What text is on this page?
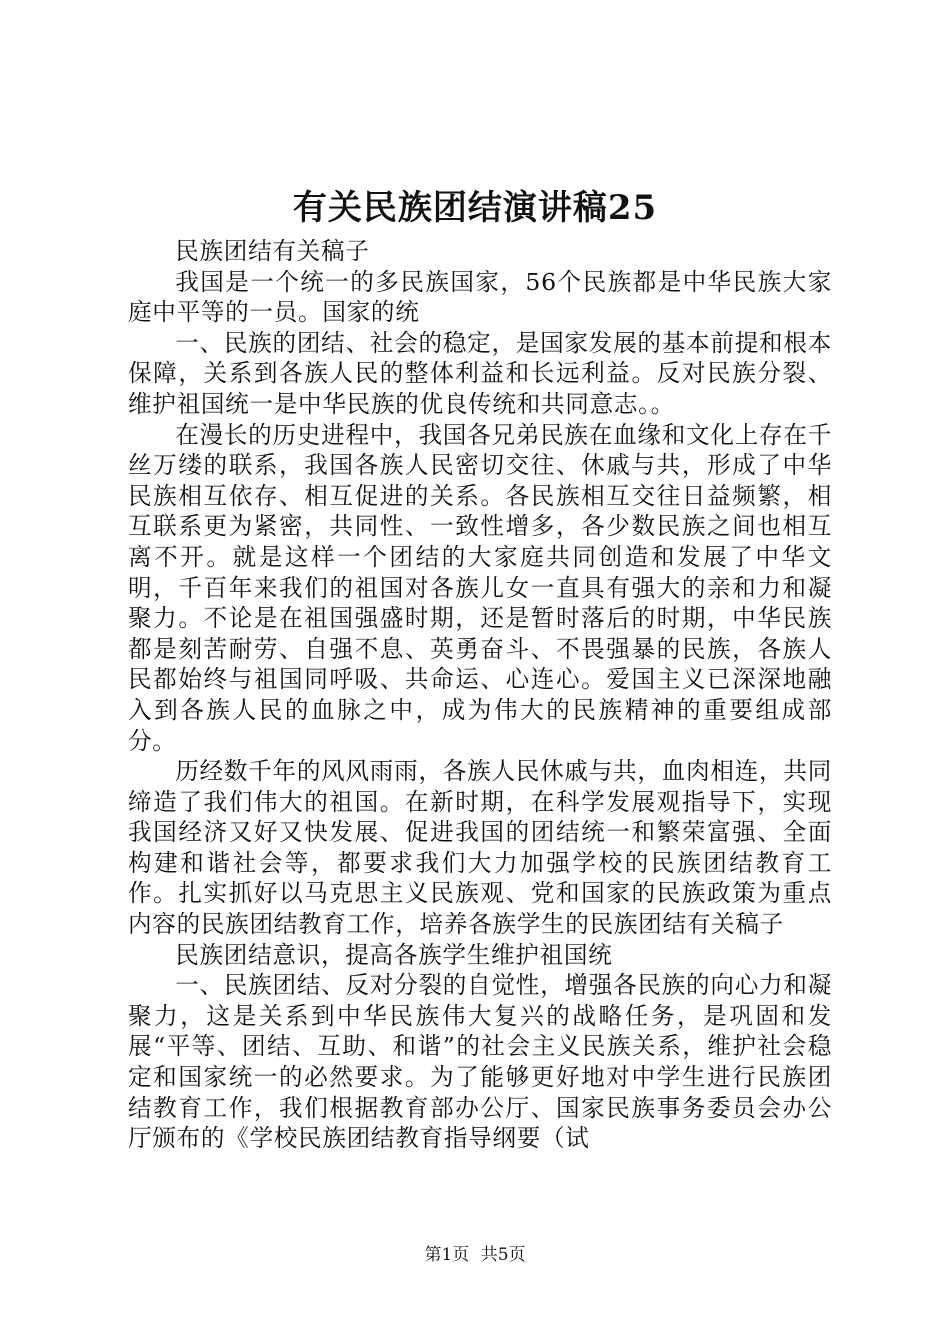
有关民族团结演讲稿25

民族团结有关稿子

我国是一个统一的多民族国家，56个民族都是中华民族大家庭中平等的一员。国家的统

一、民族的团结、社会的稳定，是国家发展的基本前提和根本保障，关系到各族人民的整体利益和长远利益。反对民族分裂、维护祖国统一是中华民族的优良传统和共同意志。。

在漫长的历史进程中，我国各兄弟民族在血缘和文化上存在千丝万缕的联系，我国各族人民密切交往、休戚与共，形成了中华民族相互依存、相互促进的关系。各民族相互交往日益频繁，相互联系更为紧密，共同性、一致性增多，各少数民族之间也相互离不开。就是这样一个团结的大家庭共同创造和发展了中华文明，千百年来我们的祖国对各族儿女一直具有强大的亲和力和凝聚力。不论是在祖国强盛时期，还是暂时落后的时期，中华民族都是刻苦耐劳、自强不息、英勇奋斗、不畏强暴的民族，各族人民都始终与祖国同呼吸、共命运、心连心。爱国主义已深深地融入到各族人民的血脉之中，成为伟大的民族精神的重要组成部分。

历经数千年的风风雨雨，各族人民休戚与共，血肉相连，共同缔造了我们伟大的祖国。在新时期，在科学发展观指导下，实现我国经济又好又快发展、促进我国的团结统一和繁荣富强、全面构建和谐社会等，都要求我们大力加强学校的民族团结教育工作。扎实抓好以马克思主义民族观、党和国家的民族政策为重点内容的民族团结教育工作，培养各族学生的民族团结有关稿子

民族团结意识，提高各族学生维护祖国统

一、民族团结、反对分裂的自觉性，增强各民族的向心力和凝聚力，这是关系到中华民族伟大复兴的战略任务，是巩固和发展“平等、团结、互助、和谐”的社会主义民族关系，维护社会稳定和国家统一的必然要求。为了能够更好地对中学生进行民族团结教育工作，我们根据教育部办公厅、国家民族事务委员会办公厅颁布的《学校民族团结教育指导纲要（试

第1页 共5页
